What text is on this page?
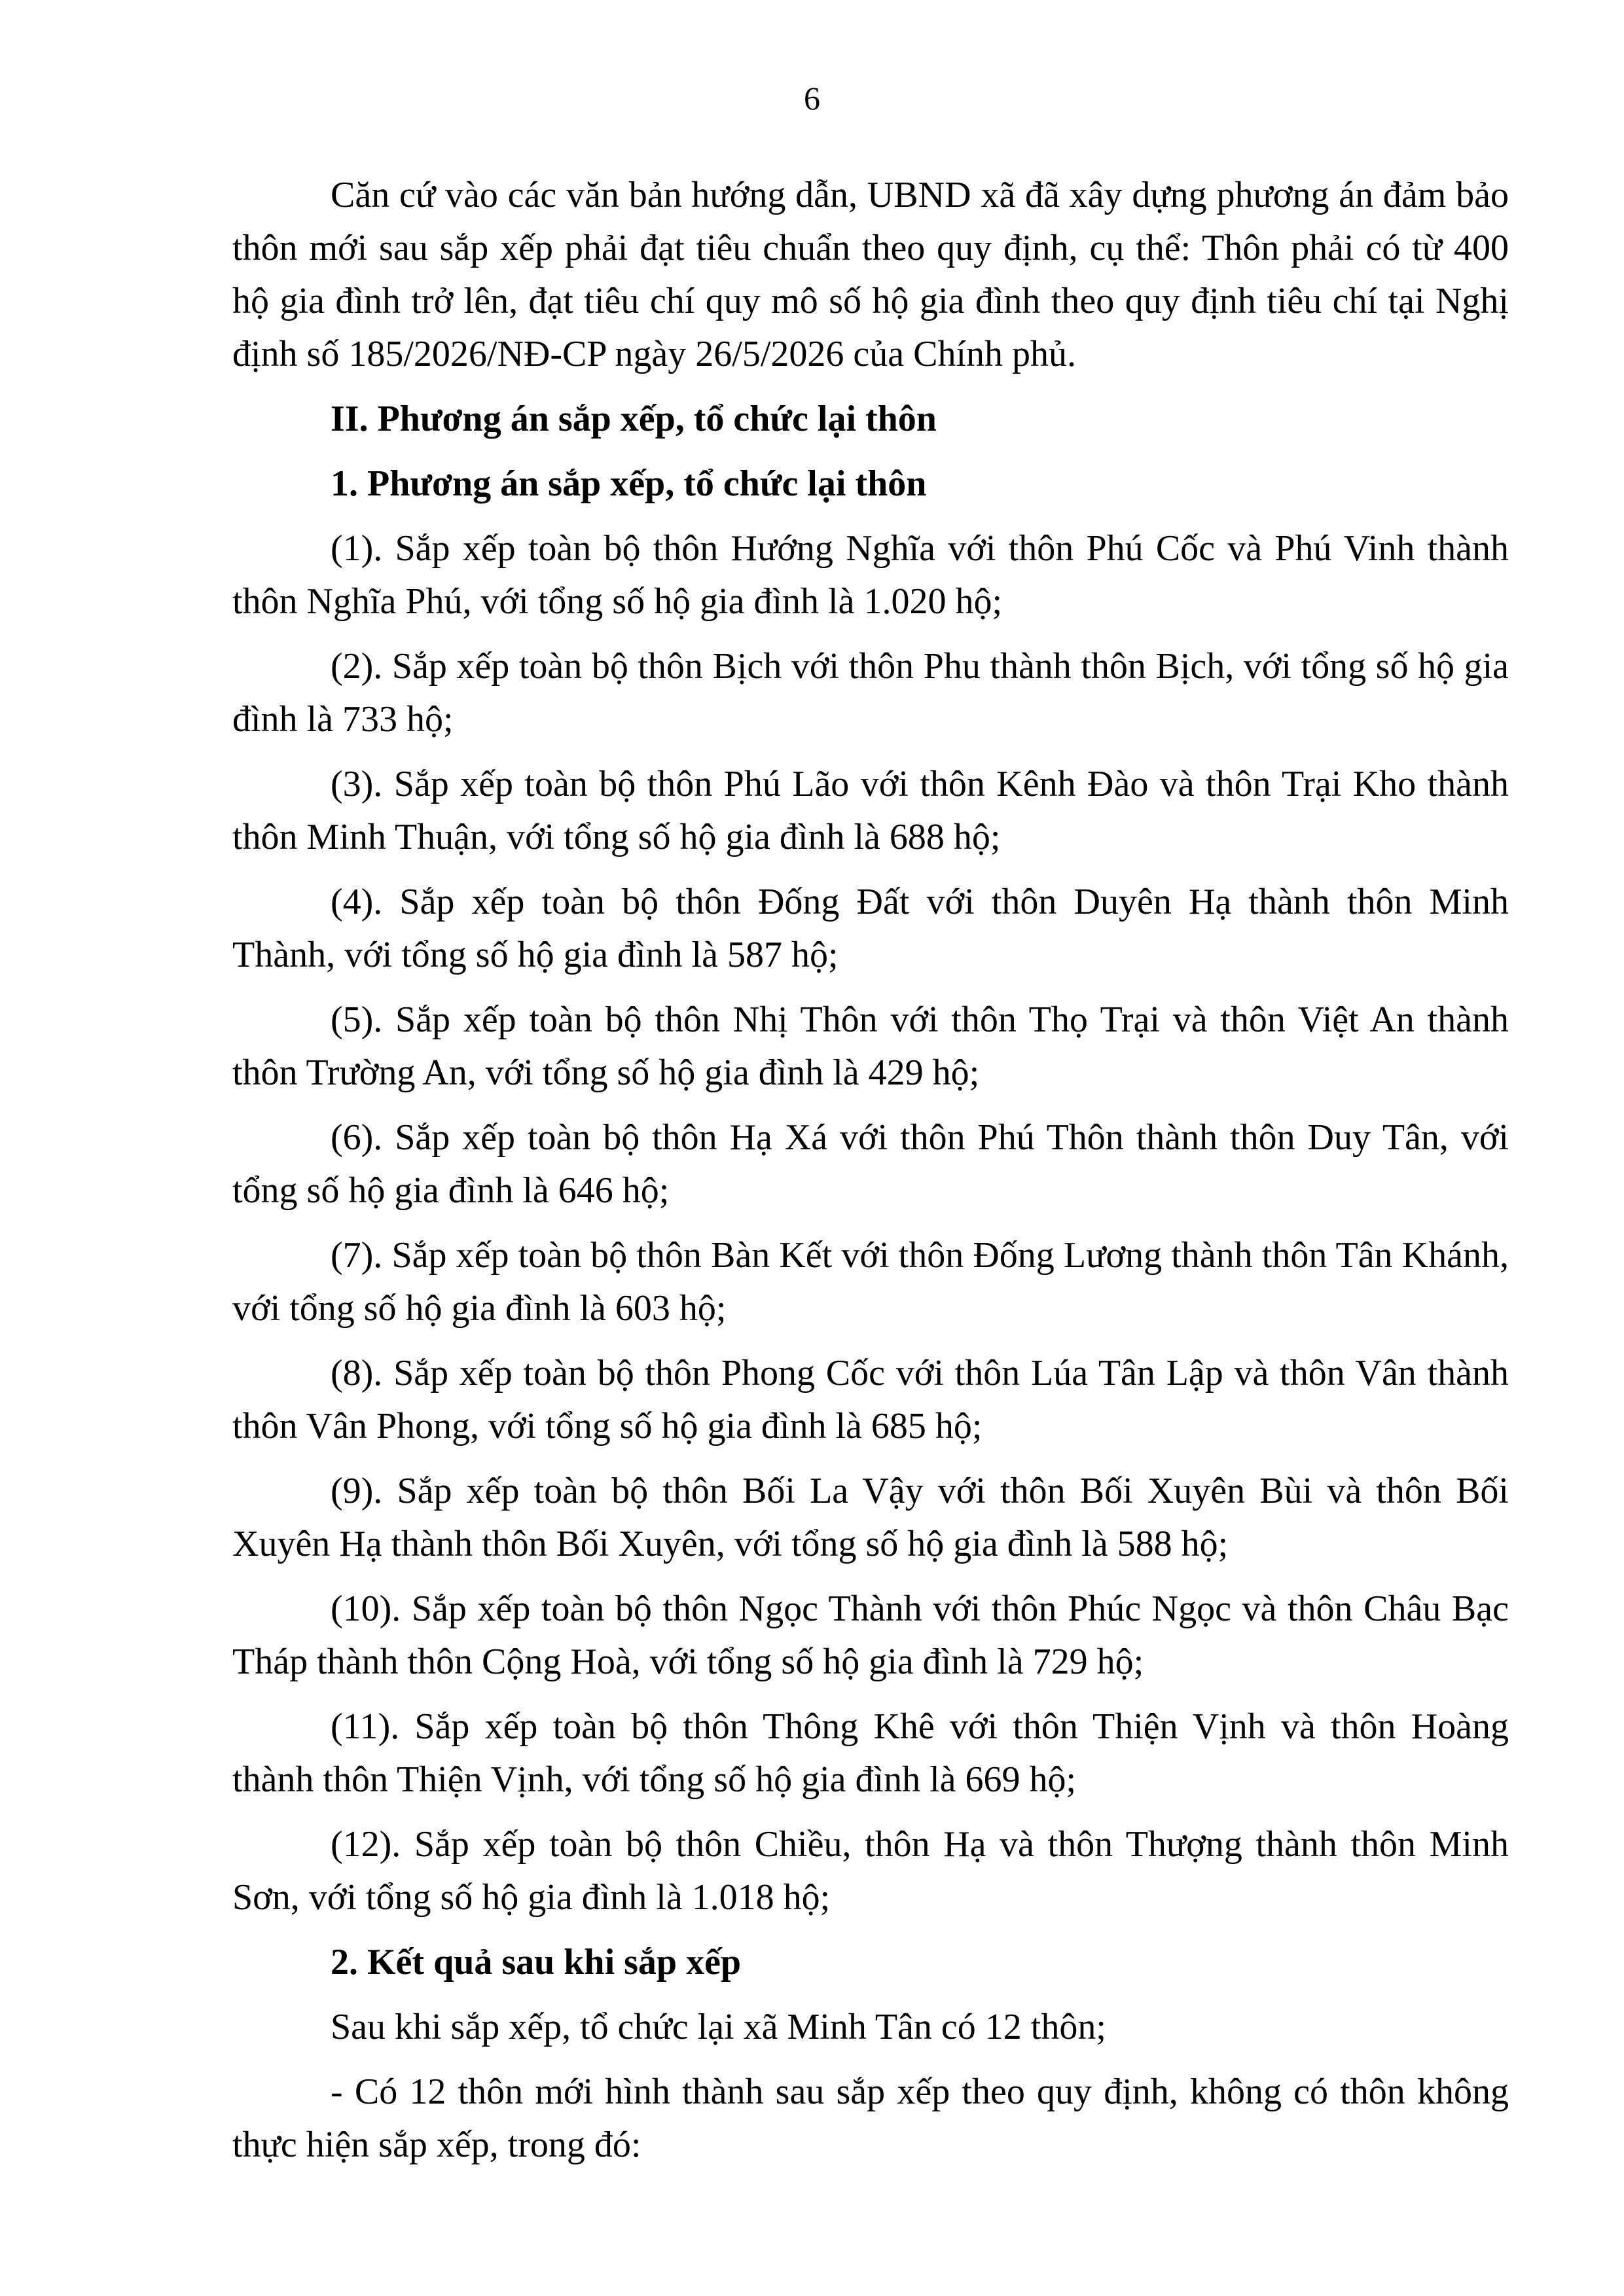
6

Căn cứ vào các văn bản hướng dẫn, UBND xã đã xây dựng phương án đảm bảo thôn mới sau sắp xếp phải đạt tiêu chuẩn theo quy định, cụ thể: Thôn phải có từ 400 hộ gia đình trở lên, đạt tiêu chí quy mô số hộ gia đình theo quy định tiêu chí tại Nghị định số 185/2026/NĐ-CP ngày 26/5/2026 của Chính phủ.

II. Phương án sắp xếp, tổ chức lại thôn

1. Phương án sắp xếp, tổ chức lại thôn

(1). Sắp xếp toàn bộ thôn Hướng Nghĩa với thôn Phú Cốc và Phú Vinh thành thôn Nghĩa Phú, với tổng số hộ gia đình là 1.020 hộ;

(2). Sắp xếp toàn bộ thôn Bịch với thôn Phu thành thôn Bịch, với tổng số hộ gia đình là 733 hộ;

(3). Sắp xếp toàn bộ thôn Phú Lão với thôn Kênh Đào và thôn Trại Kho thành thôn Minh Thuận, với tổng số hộ gia đình là 688 hộ;

(4). Sắp xếp toàn bộ thôn Đống Đất với thôn Duyên Hạ thành thôn Minh Thành, với tổng số hộ gia đình là 587 hộ;

(5). Sắp xếp toàn bộ thôn Nhị Thôn với thôn Thọ Trại và thôn Việt An thành thôn Trường An, với tổng số hộ gia đình là 429 hộ;

(6). Sắp xếp toàn bộ thôn Hạ Xá với thôn Phú Thôn thành thôn Duy Tân, với tổng số hộ gia đình là 646 hộ;

(7). Sắp xếp toàn bộ thôn Bàn Kết với thôn Đống Lương thành thôn Tân Khánh, với tổng số hộ gia đình là 603 hộ;

(8). Sắp xếp toàn bộ thôn Phong Cốc với thôn Lúa Tân Lập và thôn Vân thành thôn Vân Phong, với tổng số hộ gia đình là 685 hộ;

(9). Sắp xếp toàn bộ thôn Bối La Vậy với thôn Bối Xuyên Bùi và thôn Bối Xuyên Hạ thành thôn Bối Xuyên, với tổng số hộ gia đình là 588 hộ;

(10). Sắp xếp toàn bộ thôn Ngọc Thành với thôn Phúc Ngọc và thôn Châu Bạc Tháp thành thôn Cộng Hoà, với tổng số hộ gia đình là 729 hộ;

(11). Sắp xếp toàn bộ thôn Thông Khê với thôn Thiện Vịnh và thôn Hoàng thành thôn Thiện Vịnh, với tổng số hộ gia đình là 669 hộ;

(12). Sắp xếp toàn bộ thôn Chiều, thôn Hạ và thôn Thượng thành thôn Minh Sơn, với tổng số hộ gia đình là 1.018 hộ;

2. Kết quả sau khi sắp xếp

Sau khi sắp xếp, tổ chức lại xã Minh Tân có 12 thôn;

- Có 12 thôn mới hình thành sau sắp xếp theo quy định, không có thôn không thực hiện sắp xếp, trong đó:
